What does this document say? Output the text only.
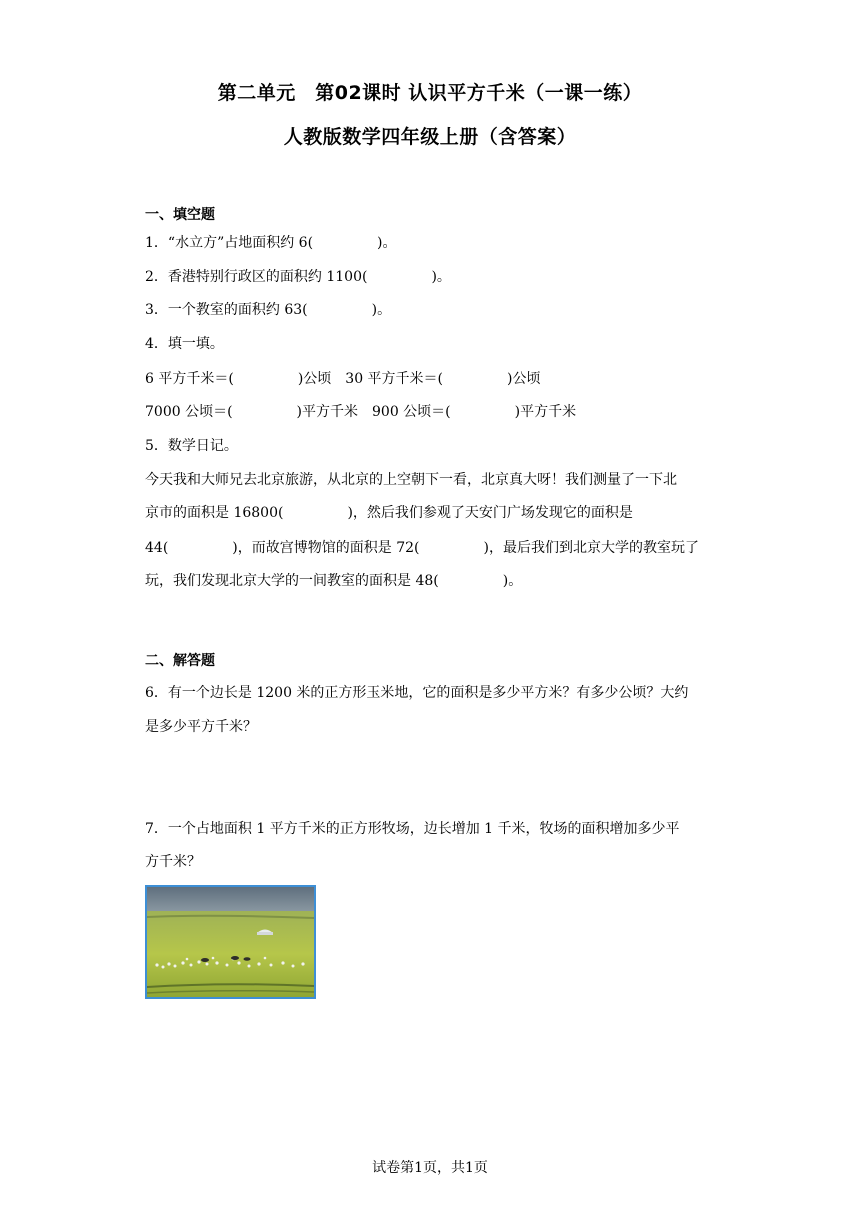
第二单元　第02课时 认识平方千米（一课一练）
人教版数学四年级上册（含答案）
一、填空题
1．“水立方”占地面积约 6(	)。
2．香港特别行政区的面积约 1100(	)。
3．一个教室的面积约 63(	)。
4．填一填。
6 平方千米＝(	)公顷　30 平方千米＝(	)公顷
7000 公顷＝(	)平方千米　900 公顷＝(	)平方千米
5．数学日记。
今天我和大师兄去北京旅游，从北京的上空朝下一看，北京真大呀！我们测量了一下北
京市的面积是 16800(	)，然后我们参观了天安门广场发现它的面积是
44(	)，而故宫博物馆的面积是 72(	)，最后我们到北京大学的教室玩了
玩，我们发现北京大学的一间教室的面积是 48(	)。
二、解答题
6．有一个边长是 1200 米的正方形玉米地，它的面积是多少平方米？有多少公顷？大约
是多少平方千米？
7．一个占地面积 1 平方千米的正方形牧场，边长增加 1 千米，牧场的面积增加多少平
方千米？
试卷第1页，共1页
